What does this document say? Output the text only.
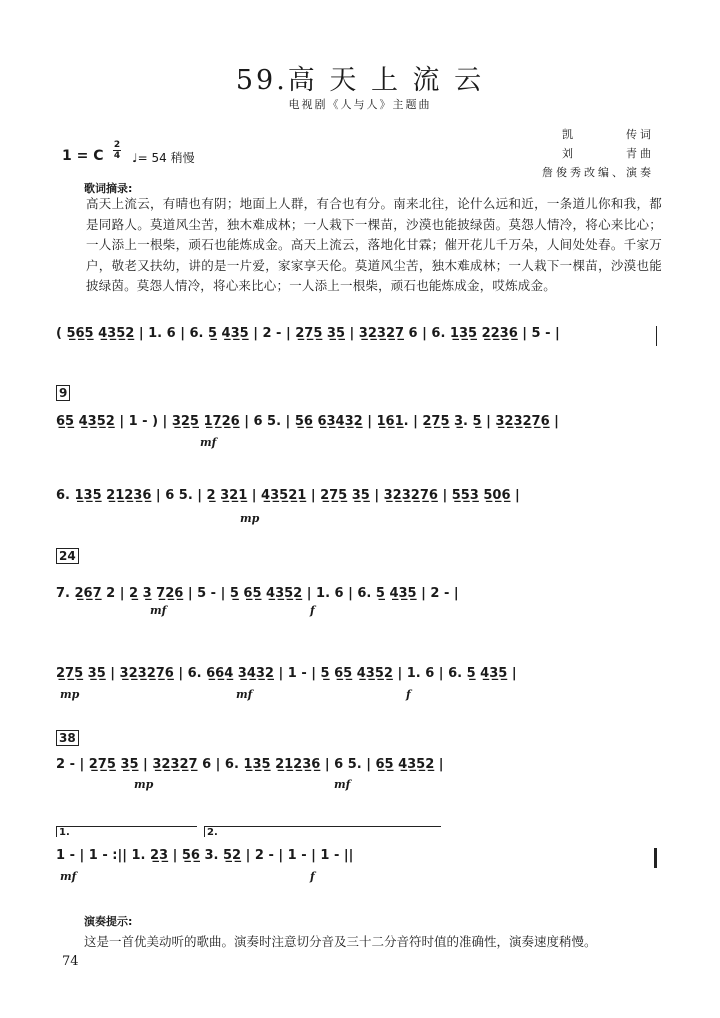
59.高 天 上 流 云
电视剧《人与人》主题曲
凯	传词
刘	青曲
詹俊秀改编、演奏
1 = C
2
4 ♩= 54 稍慢
歌词摘录:
高天上流云，有晴也有阴；地面上人群，有合也有分。南来北往，论什么远和近，一条道儿你和我，都是同路人。莫道风尘苦，独木难成林；一人栽下一棵苗，沙漠也能披绿茵。莫怨人情冷，将心来比心；一人添上一根柴，顽石也能炼成金。高天上流云，落地化甘霖；催开花儿千万朵，人间处处春。千家万户，敬老又扶幼，讲的是一片爱，家家享天伦。莫道风尘苦，独木难成林；一人栽下一棵苗，沙漠也能披绿茵。莫怨人情冷，将心来比心；一人添上一根柴，顽石也能炼成金，哎炼成金。
9
24
38
( 5̲6̲5̲ 4̲3̲5̲2̲ | 1. 6 | 6. 5̲ 4̲3̲5̲ | 2 - | 2̲7̲5̲ 3̲5̲ | 3̲2̲3̲2̲7̲ 6 | 6. 1̲3̲5̲ 2̲2̲3̲6̲ | 5 - |
6̲5̲ 4̲3̲5̲2̲ | 1 - ) | 3̲2̲5̲ 1̲7̲2̲6̲ | 6 5. | 5̲6̲ 6̲3̲4̲3̲2̲ | 1̲6̲1̲. | 2̲7̲5̲ 3̲. 5̲ | 3̲2̲3̲2̲7̲6̲ |
6. 1̲3̲5̲ 2̲1̲2̲3̲6̲ | 6 5. | 2̲ 3̲2̲1̲ | 4̲3̲5̲2̲1̲ | 2̲7̲5̲ 3̲5̲ | 3̲2̲3̲2̲7̲6̲ | 5̲5̲3̲ 5̲0̲6̲ |
7. 2̲6̲7̲ 2 | 2̲ 3̲ 7̲2̲6̲ | 5 - | 5̲ 6̲5̲ 4̲3̲5̲2̲ | 1. 6 | 6. 5̲ 4̲3̲5̲ | 2 - |
2̲7̲5̲ 3̲5̲ | 3̲2̲3̲2̲7̲6̲ | 6. 6̲6̲4̲ 3̲4̲3̲2̲ | 1 - | 5̲ 6̲5̲ 4̲3̲5̲2̲ | 1. 6 | 6. 5̲ 4̲3̲5̲ |
2 - | 2̲7̲5̲ 3̲5̲ | 3̲2̲3̲2̲7̲ 6 | 6. 1̲3̲5̲ 2̲1̲2̲3̲6̲ | 6 5. | 6̲5̲ 4̲3̲5̲2̲ |
1 - | 1 - :|| 1. 2̲3̲ | 5̲6̲ 3. 5̲2̲ | 2 - | 1 - | 1 - ||
mf
mp
mf	f
mp	mf	f
mp	mf
mf	f
1.	2.
演奏提示:
这是一首优美动听的歌曲。演奏时注意切分音及三十二分音符时值的准确性，演奏速度稍慢。
74
